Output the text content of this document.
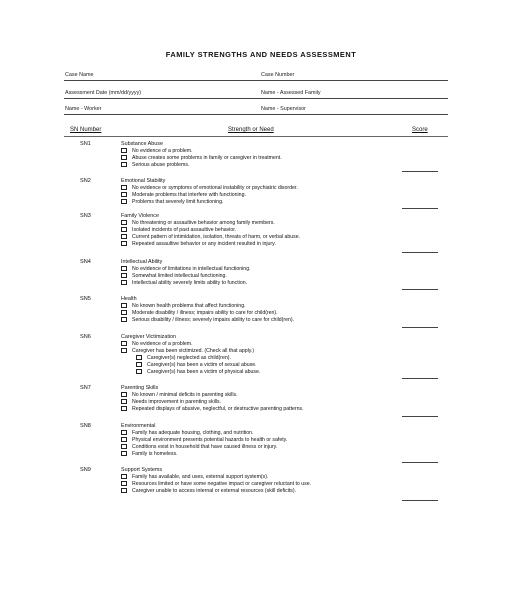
FAMILY STRENGTHS AND NEEDS ASSESSMENT
Case Name	Case Number
Assessment Date (mm/dd/yyyy)	Name - Assessed Family
Name - Worker	Name - Supervisor
SN Number	Strength or Need	Score
SN1	Substance Abuse
No evidence of a problem.
Abuse creates some problems in family or caregiver in treatment.
Serious abuse problems.
SN2	Emotional Stability
No evidence or symptoms of emotional instability or psychiatric disorder.
Moderate problems that interfere with functioning.
Problems that severely limit functioning.
SN3	Family Violence
No threatening or assaultive behavior among family members.
Isolated incidents of past assaultive behavior.
Current pattern of intimidation, isolation, threats of harm, or verbal abuse.
Repeated assaultive behavior or any incident resulted in injury.
SN4	Intellectual Ability
No evidence of limitations in intellectual functioning.
Somewhat limited intellectual functioning.
Intellectual ability severely limits ability to function.
SN5	Health
No known health problems that affect functioning.
Moderate disability / illness; impairs ability to care for child(ren).
Serious disability / illness; severely impairs ability to care for child(ren).
SN6	Caregiver Victimization
No evidence of a problem.
Caregiver has been victimized. (Check all that apply.)
Caregiver(s) neglected as child(ren).
Caregiver(s) has been a victim of sexual abuse.
Caregiver(s) has been a victim of physical abuse.
SN7	Parenting Skills
No known / minimal deficits in parenting skills.
Needs improvement in parenting skills.
Repeated displays of abusive, neglectful, or destructive parenting patterns.
SN8	Environmental
Family has adequate housing, clothing, and nutrition.
Physical environment presents potential hazards to health or safety.
Conditions exist in household that have caused illness or injury.
Family is homeless.
SN9	Support Systems
Family has available, and uses, external support system(s).
Resources limited or have some negative impact or caregiver reluctant to use.
Caregiver unable to access internal or external resources (skill deficits).
